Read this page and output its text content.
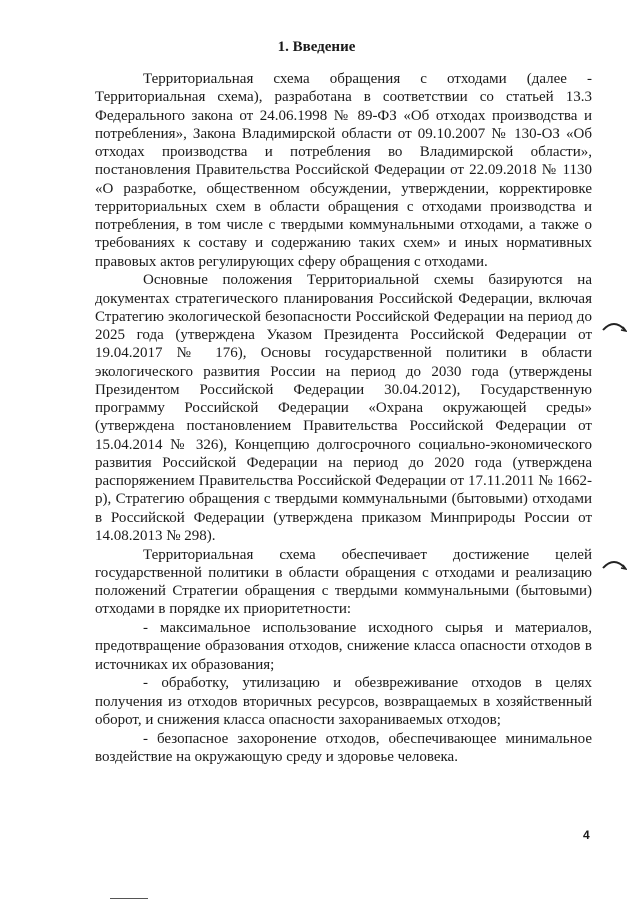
1. Введение

Территориальная схема обращения с отходами (далее - Территориальная схема), разработана в соответствии со статьей 13.3 Федерального закона от 24.06.1998 № 89-ФЗ «Об отходах производства и потребления», Закона Владимирской области от 09.10.2007 № 130-ОЗ «Об отходах производства и потребления во Владимирской области», постановления Правительства Российской Федерации от 22.09.2018 № 1130 «О разработке, общественном обсуждении, утверждении, корректировке территориальных схем в области обращения с отходами производства и потребления, в том числе с твердыми коммунальными отходами, а также о требованиях к составу и содержанию таких схем» и иных нормативных правовых актов регулирующих сферу обращения с отходами.

Основные положения Территориальной схемы базируются на документах стратегического планирования Российской Федерации, включая Стратегию экологической безопасности Российской Федерации на период до 2025 года (утверждена Указом Президента Российской Федерации от 19.04.2017 № 176), Основы государственной политики в области экологического развития России на период до 2030 года (утверждены Президентом Российской Федерации 30.04.2012), Государственную программу Российской Федерации «Охрана окружающей среды» (утверждена постановлением Правительства Российской Федерации от 15.04.2014 № 326), Концепцию долгосрочного социально-экономического развития Российской Федерации на период до 2020 года (утверждена распоряжением Правительства Российской Федерации от 17.11.2011 № 1662-р), Стратегию обращения с твердыми коммунальными (бытовыми) отходами в Российской Федерации (утверждена приказом Минприроды России от 14.08.2013 № 298).

Территориальная схема обеспечивает достижение целей государственной политики в области обращения с отходами и реализацию положений Стратегии обращения с твердыми коммунальными (бытовыми) отходами в порядке их приоритетности:

- максимальное использование исходного сырья и материалов, предотвращение образования отходов, снижение класса опасности отходов в источниках их образования;

- обработку, утилизацию и обезвреживание отходов в целях получения из отходов вторичных ресурсов, возвращаемых в хозяйственный оборот, и снижения класса опасности захораниваемых отходов;

- безопасное захоронение отходов, обеспечивающее минимальное воздействие на окружающую среду и здоровье человека.

4
